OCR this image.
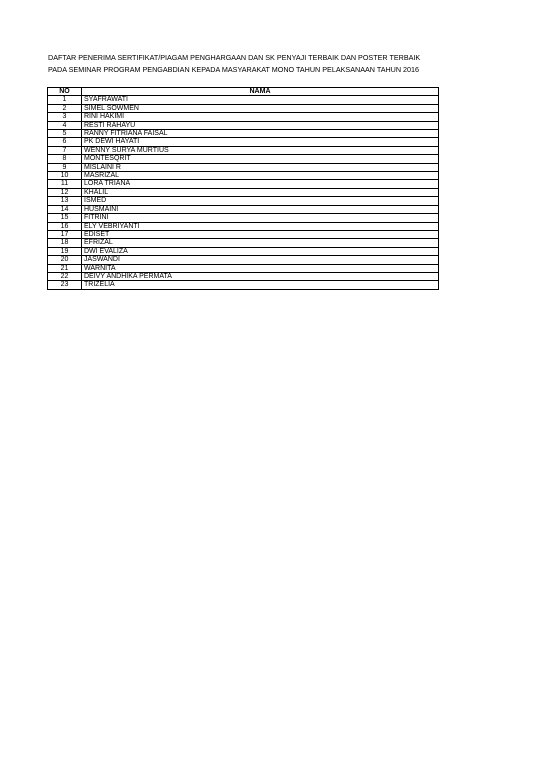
DAFTAR PENERIMA SERTIFIKAT/PIAGAM PENGHARGAAN DAN SK PENYAJI TERBAIK DAN POSTER TERBAIK
PADA SEMINAR PROGRAM PENGABDIAN KEPADA MASYARAKAT MONO TAHUN PELAKSANAAN TAHUN 2016
NO	NAMA
1	SYAFRAWATI
2	SIMEL SOWMEN
3	RINI HAKIMI
4	RESTI RAHAYU
5	RANNY FITRIANA FAISAL
6	PK DEWI HAYATI
7	WENNY SURYA MURTIUS
8	MONTESQRIT
9	MISLAINI R
10	MASRIZAL
11	LORA TRIANA
12	KHALIL
13	ISMED
14	HUSMAINI
15	FITRINI
16	ELY VEBRIYANTI
17	EDISET
18	EFRIZAL
19	DWI EVALIZA
20	JASWANDI
21	WARNITA
22	DEIVY ANDHIKA PERMATA
23	TRIZELIA
